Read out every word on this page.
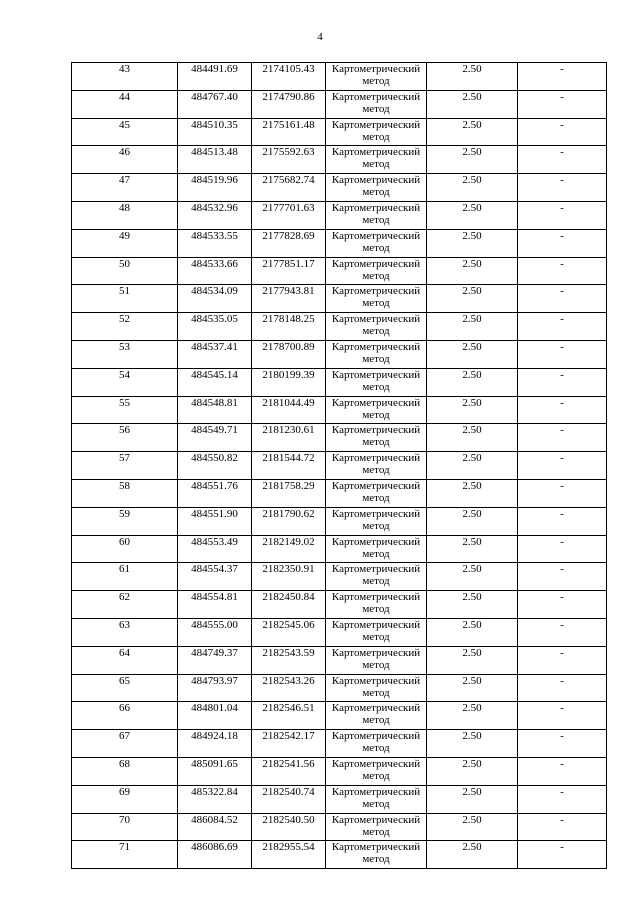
4
43	484491.69	2174105.43	Картометрический
метод	2.50	-
44	484767.40	2174790.86	Картометрический
метод	2.50	-
45	484510.35	2175161.48	Картометрический
метод	2.50	-
46	484513.48	2175592.63	Картометрический
метод	2.50	-
47	484519.96	2175682.74	Картометрический
метод	2.50	-
48	484532.96	2177701.63	Картометрический
метод	2.50	-
49	484533.55	2177828.69	Картометрический
метод	2.50	-
50	484533.66	2177851.17	Картометрический
метод	2.50	-
51	484534.09	2177943.81	Картометрический
метод	2.50	-
52	484535.05	2178148.25	Картометрический
метод	2.50	-
53	484537.41	2178700.89	Картометрический
метод	2.50	-
54	484545.14	2180199.39	Картометрический
метод	2.50	-
55	484548.81	2181044.49	Картометрический
метод	2.50	-
56	484549.71	2181230.61	Картометрический
метод	2.50	-
57	484550.82	2181544.72	Картометрический
метод	2.50	-
58	484551.76	2181758.29	Картометрический
метод	2.50	-
59	484551.90	2181790.62	Картометрический
метод	2.50	-
60	484553.49	2182149.02	Картометрический
метод	2.50	-
61	484554.37	2182350.91	Картометрический
метод	2.50	-
62	484554.81	2182450.84	Картометрический
метод	2.50	-
63	484555.00	2182545.06	Картометрический
метод	2.50	-
64	484749.37	2182543.59	Картометрический
метод	2.50	-
65	484793.97	2182543.26	Картометрический
метод	2.50	-
66	484801.04	2182546.51	Картометрический
метод	2.50	-
67	484924.18	2182542.17	Картометрический
метод	2.50	-
68	485091.65	2182541.56	Картометрический
метод	2.50	-
69	485322.84	2182540.74	Картометрический
метод	2.50	-
70	486084.52	2182540.50	Картометрический
метод	2.50	-
71	486086.69	2182955.54	Картометрический
метод	2.50	-
